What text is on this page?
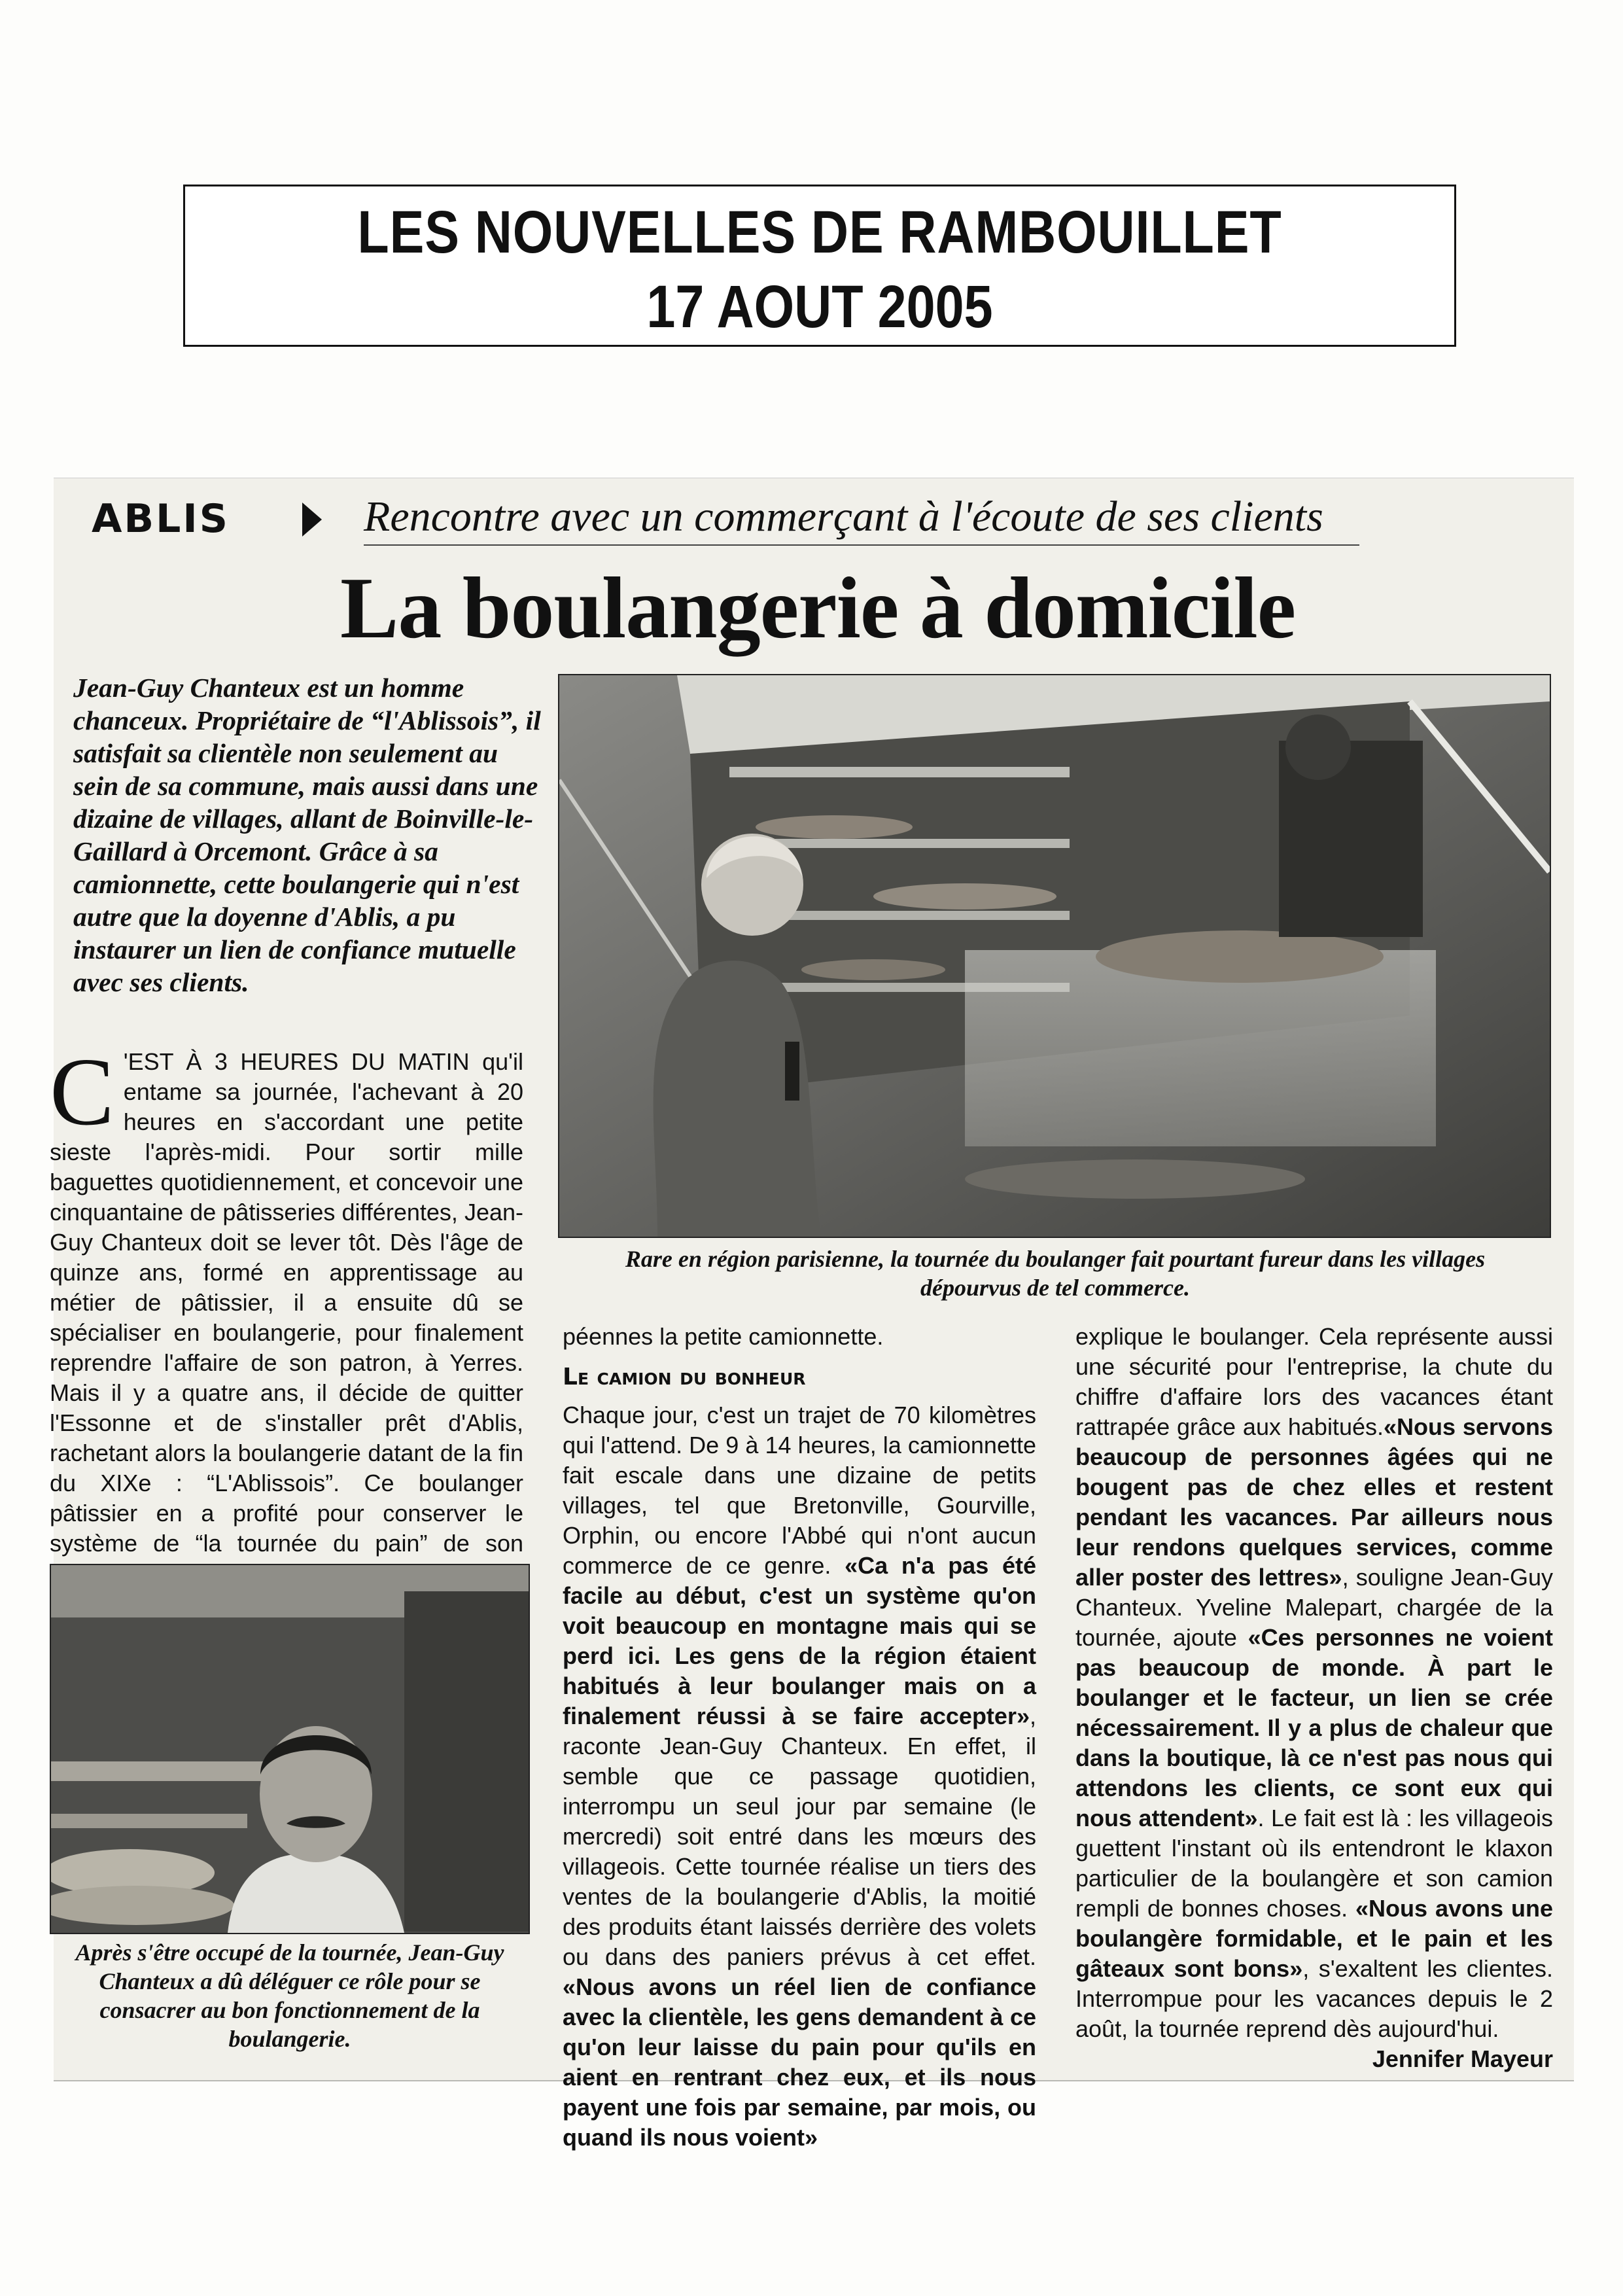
LES NOUVELLES DE RAMBOUILLET
17 AOUT 2005
ABLIS	Rencontre avec un commerçant à l'écoute de ses clients
La boulangerie à domicile
Jean-Guy Chanteux est un homme chanceux. Propriétaire de “l'Ablissois”, il satisfait sa clientèle non seulement au sein de sa commune, mais aussi dans une dizaine de villages, allant de Boinville-le-Gaillard à Orcemont. Grâce à sa camionnette, cette boulangerie qui n'est autre que la doyenne d'Ablis, a pu instaurer un lien de confiance mutuelle avec ses clients.
Rare en région parisienne, la tournée du boulanger fait pourtant fureur dans les villages dépourvus de tel commerce.

C 'EST À 3 HEURES DU MATIN qu'il entame sa journée, l'achevant à 20 heures en s'accordant une petite sieste l'après-midi. Pour sortir mille baguettes quotidiennement, et concevoir une cinquantaine de pâtisseries différentes, Jean-Guy Chanteux doit se lever tôt. Dès l'âge de quinze ans, formé en apprentissage au métier de pâtissier, il a ensuite dû se spécialiser en boulangerie, pour finalement reprendre l'affaire de son patron, à Yerres. Mais il y a quatre ans, il décide de quitter l'Essonne et de s'installer prêt d'Ablis, rachetant alors la boulangerie datant de la fin du XIXe : “L'Ablissois”. Ce boulanger pâtissier en a profité pour conserver le système de “la tournée du pain” de son

Après s'être occupé de la tournée, Jean-Guy Chanteux a dû déléguer ce rôle pour se consacrer au bon fonctionnement de la boulangerie.

péennes la petite camionnette.

Le camion du bonheur

Chaque jour, c'est un trajet de 70 kilomètres qui l'attend. De 9 à 14 heures, la camionnette fait escale dans une dizaine de petits villages, tel que Bretonville, Gourville, Orphin, ou encore l'Abbé qui n'ont aucun commerce de ce genre. «Ca n'a pas été facile au début, c'est un système qu'on voit beaucoup en montagne mais qui se perd ici. Les gens de la région étaient habitués à leur boulanger mais on a finalement réussi à se faire accepter», raconte Jean-Guy Chanteux. En effet, il semble que ce passage quotidien, interrompu un seul jour par semaine (le mercredi) soit entré dans les mœurs des villageois. Cette tournée réalise un tiers des ventes de la boulangerie d'Ablis, la moitié des produits étant laissés derrière des volets ou dans des paniers prévus à cet effet. «Nous avons un réel lien de confiance avec la clientèle, les gens demandent à ce qu'on leur laisse du pain pour qu'ils en aient en rentrant chez eux, et ils nous payent une fois par semaine, par mois, ou quand ils nous voient»

explique le boulanger. Cela représente aussi une sécurité pour l'entreprise, la chute du chiffre d'affaire lors des vacances étant rattrapée grâce aux habitués.«Nous servons beaucoup de personnes âgées qui ne bougent pas de chez elles et restent pendant les vacances. Par ailleurs nous leur rendons quelques services, comme aller poster des lettres», souligne Jean-Guy Chanteux. Yveline Malepart, chargée de la tournée, ajoute «Ces personnes ne voient pas beaucoup de monde. À part le boulanger et le facteur, un lien se crée nécessairement. Il y a plus de chaleur que dans la boutique, là ce n'est pas nous qui attendons les clients, ce sont eux qui nous attendent». Le fait est là : les villageois guettent l'instant où ils entendront le klaxon particulier de la boulangère et son camion rempli de bonnes choses. «Nous avons une boulangère formidable, et le pain et les gâteaux sont bons», s'exaltent les clientes. Interrompue pour les vacances depuis le 2 août, la tournée reprend dès aujourd'hui.

Jennifer Mayeur
